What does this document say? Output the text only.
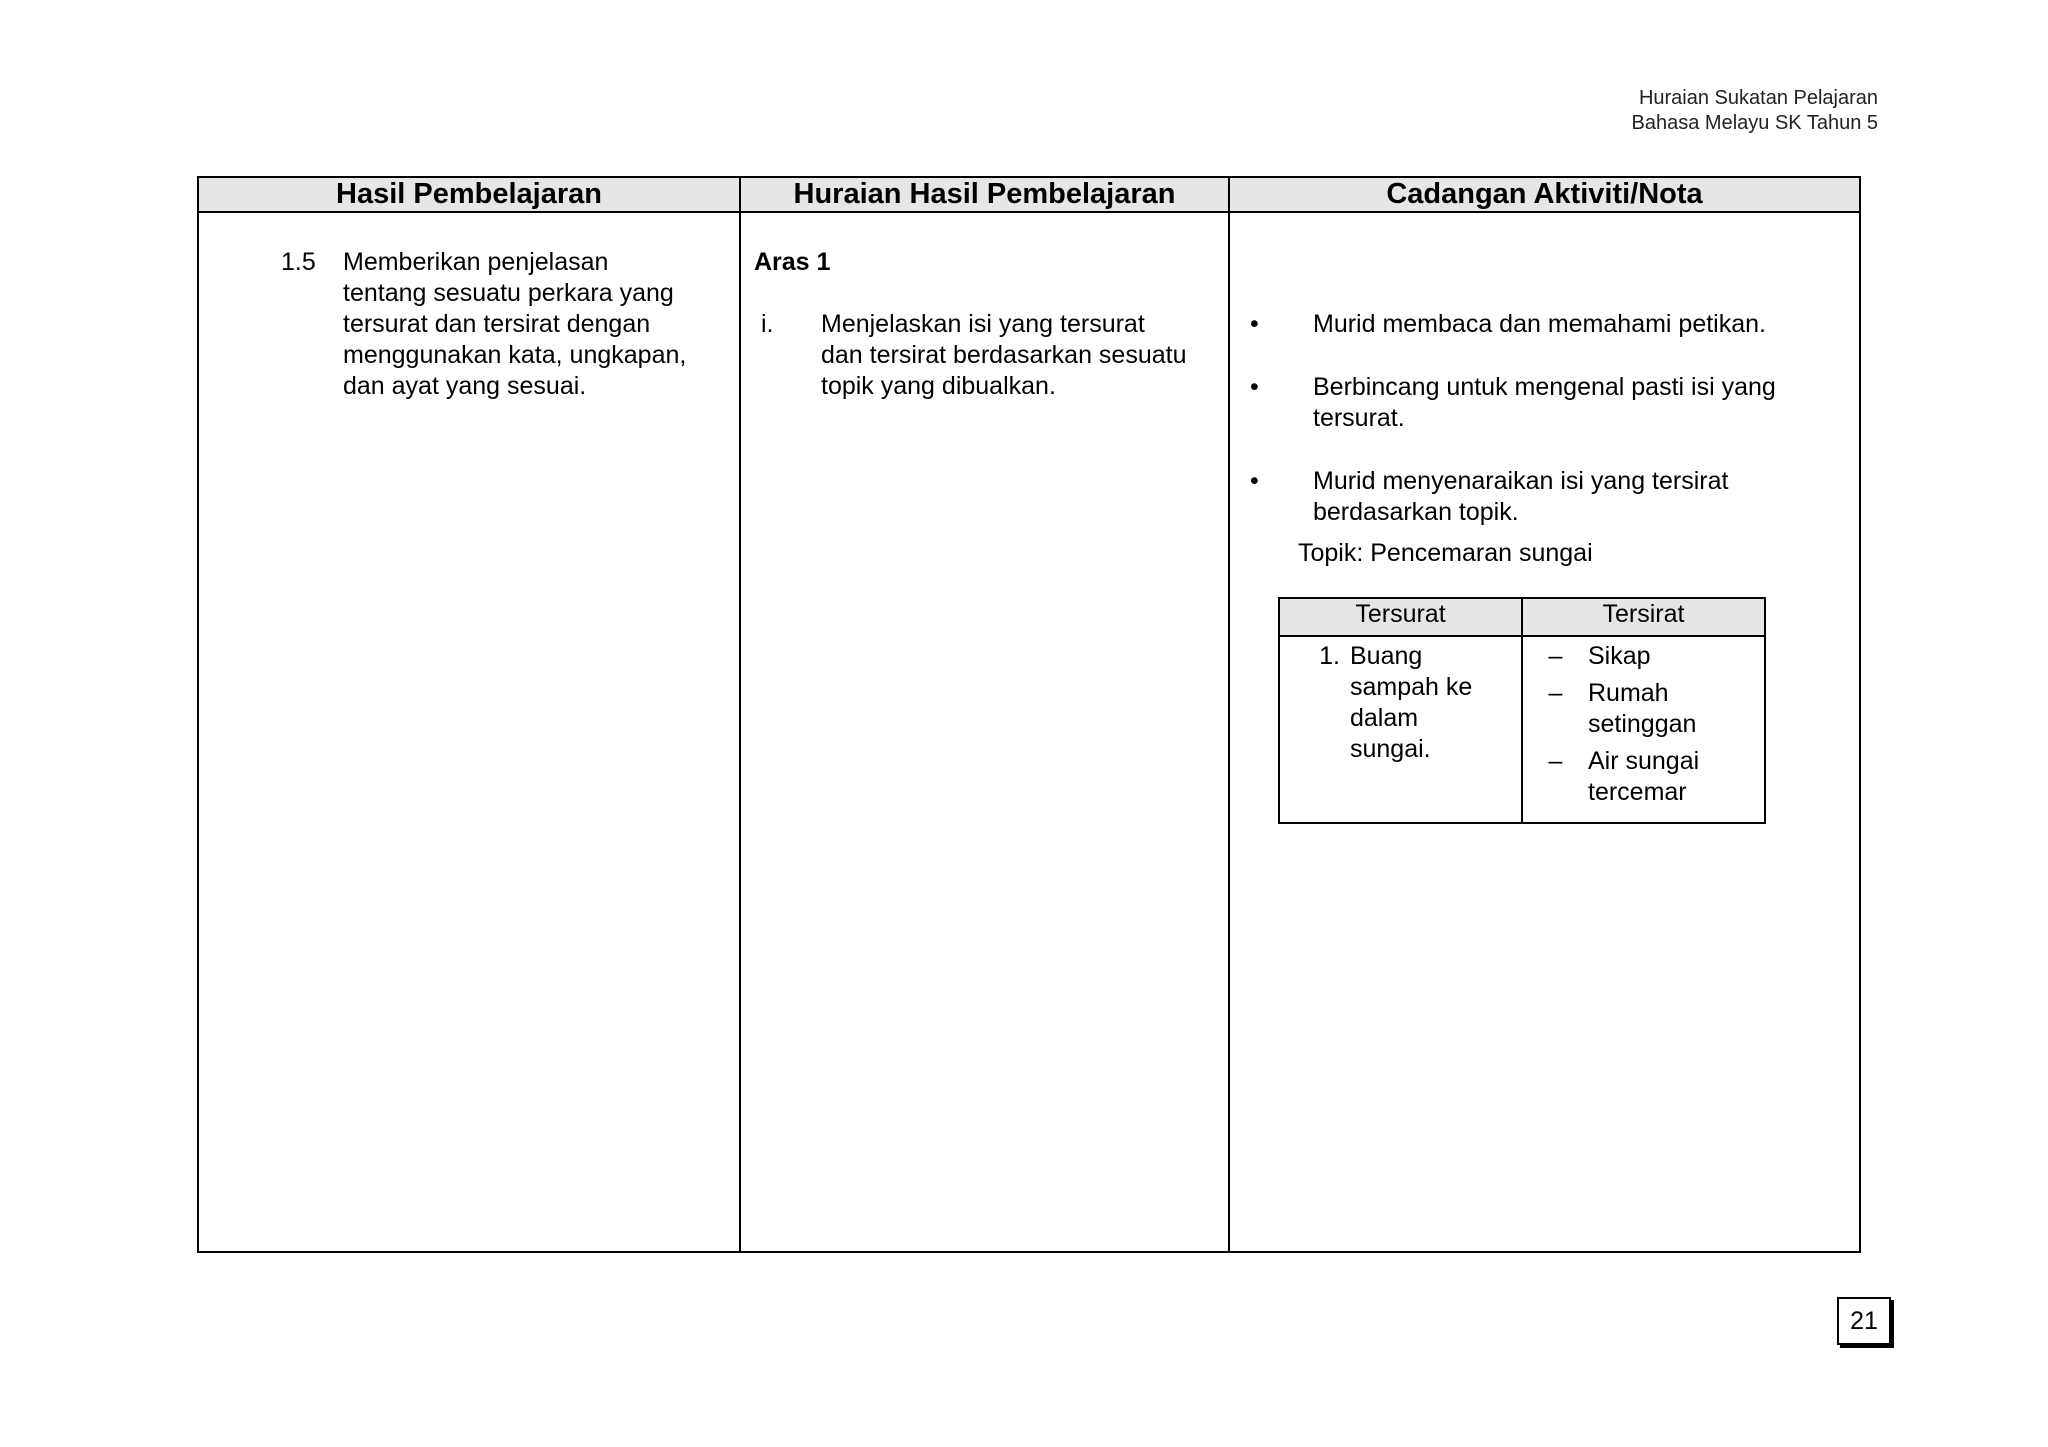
Huraian Sukatan Pelajaran
Bahasa Melayu SK Tahun 5
Hasil Pembelajaran	Huraian Hasil Pembelajaran	Cadangan Aktiviti/Nota

1.5 Memberikan penjelasan
tentang sesuatu perkara yang
tersurat dan tersirat dengan
menggunakan kata, ungkapan,
dan ayat yang sesuai.

Aras 1
i. Menjelaskan isi yang tersurat
dan tersirat berdasarkan sesuatu
topik yang dibualkan.

• Murid membaca dan memahami petikan.
• Berbincang untuk mengenal pasti isi yang
tersurat.
• Murid menyenaraikan isi yang tersirat
berdasarkan topik.
Topik: Pencemaran sungai
Tersurat	Tersirat
1. Buang
sampah ke
dalam
sungai.

–	Sikap
–	Rumah
setinggan
–	Air sungai
tercemar
21
